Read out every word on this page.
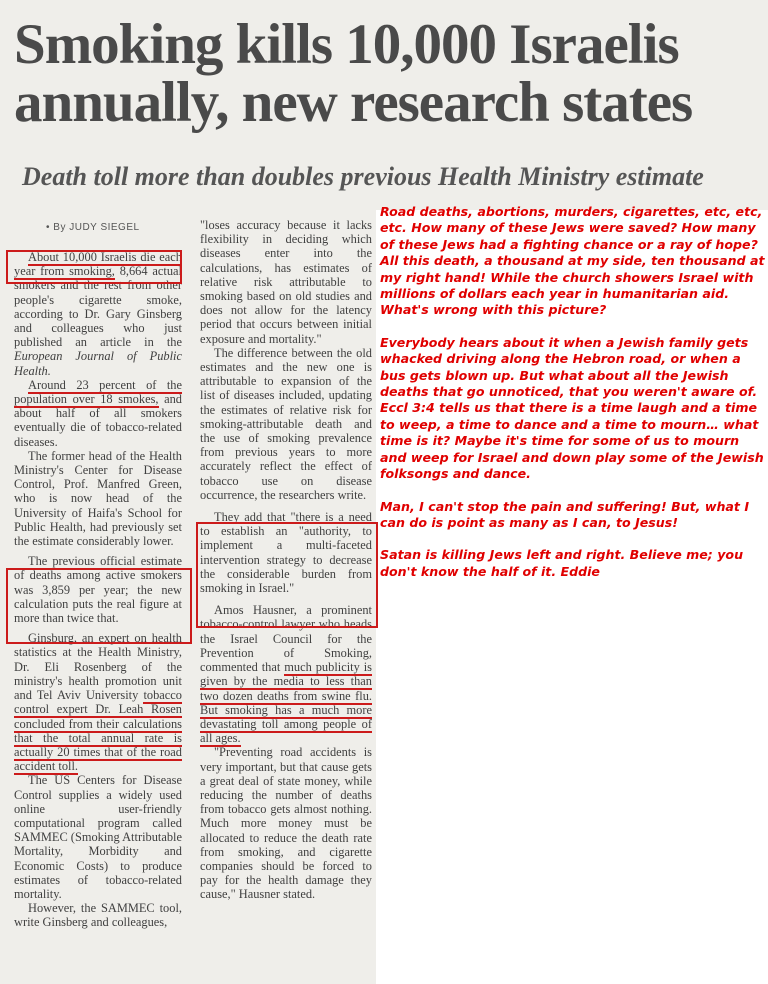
Smoking kills 10,000 Israelis
annually, new research states
Death toll more than doubles previous Health Ministry estimate
• By JUDY SIEGEL

About 10,000 Israelis die each year from smoking, 8,664 actual smokers and the rest from other people's cigarette smoke, according to Dr. Gary Ginsberg and colleagues who just published an article in the European Journal of Public Health.

Around 23 percent of the population over 18 smokes, and about half of all smokers eventually die of tobacco-related diseases.

The former head of the Health Ministry's Center for Disease Control, Prof. Manfred Green, who is now head of the University of Haifa's School for Public Health, had previously set the estimate considerably lower.

The previous official estimate of deaths among active smokers was 3,859 per year; the new calculation puts the real figure at more than twice that.

Ginsburg, an expert on health statistics at the Health Ministry, Dr. Eli Rosenberg of the ministry's health promotion unit and Tel Aviv University tobacco control expert Dr. Leah Rosen concluded from their calculations that the total annual rate is actually 20 times that of the road accident toll.

The US Centers for Disease Control supplies a widely used online user-friendly computational program called SAMMEC (Smoking Attributable Mortality, Morbidity and Economic Costs) to produce estimates of tobacco-related mortality.

However, the SAMMEC tool, write Ginsberg and colleagues,

"loses accuracy because it lacks flexibility in deciding which diseases enter into the calculations, has estimates of relative risk attributable to smoking based on old studies and does not allow for the latency period that occurs between initial exposure and mortality."

The difference between the old estimates and the new one is attributable to expansion of the list of diseases included, updating the estimates of relative risk for smoking-attributable death and the use of smoking prevalence from previous years to more accurately reflect the effect of tobacco use on disease occurrence, the researchers write.

They add that "there is a need to establish an "authority, to implement a multi-faceted intervention strategy to decrease the considerable burden from smoking in Israel."

Amos Hausner, a prominent tobacco-control lawyer who heads the Israel Council for the Prevention of Smoking, commented that much publicity is given by the media to less than two dozen deaths from swine flu. But smoking has a much more devastating toll among people of all ages.

"Preventing road accidents is very important, but that cause gets a great deal of state money, while reducing the number of deaths from tobacco gets almost nothing. Much more money must be allocated to reduce the death rate from smoking, and cigarette companies should be forced to pay for the health damage they cause," Hausner stated.

Road deaths, abortions, murders, cigarettes, etc, etc, etc. How many of these Jews were saved? How many of these Jews had a fighting chance or a ray of hope? All this death, a thousand at my side, ten thousand at my right hand! While the church showers Israel with millions of dollars each year in humanitarian aid. What's wrong with this picture?

Everybody hears about it when a Jewish family gets whacked driving along the Hebron road, or when a bus gets blown up. But what about all the Jewish deaths that go unnoticed, that you weren't aware of. Eccl 3:4 tells us that there is a time laugh and a time to weep, a time to dance and a time to mourn… what time is it? Maybe it's time for some of us to mourn and weep for Israel and down play some of the Jewish folksongs and dance.

Man, I can't stop the pain and suffering! But, what I can do is point as many as I can, to Jesus!

Satan is killing Jews left and right. Believe me; you don't know the half of it. Eddie
